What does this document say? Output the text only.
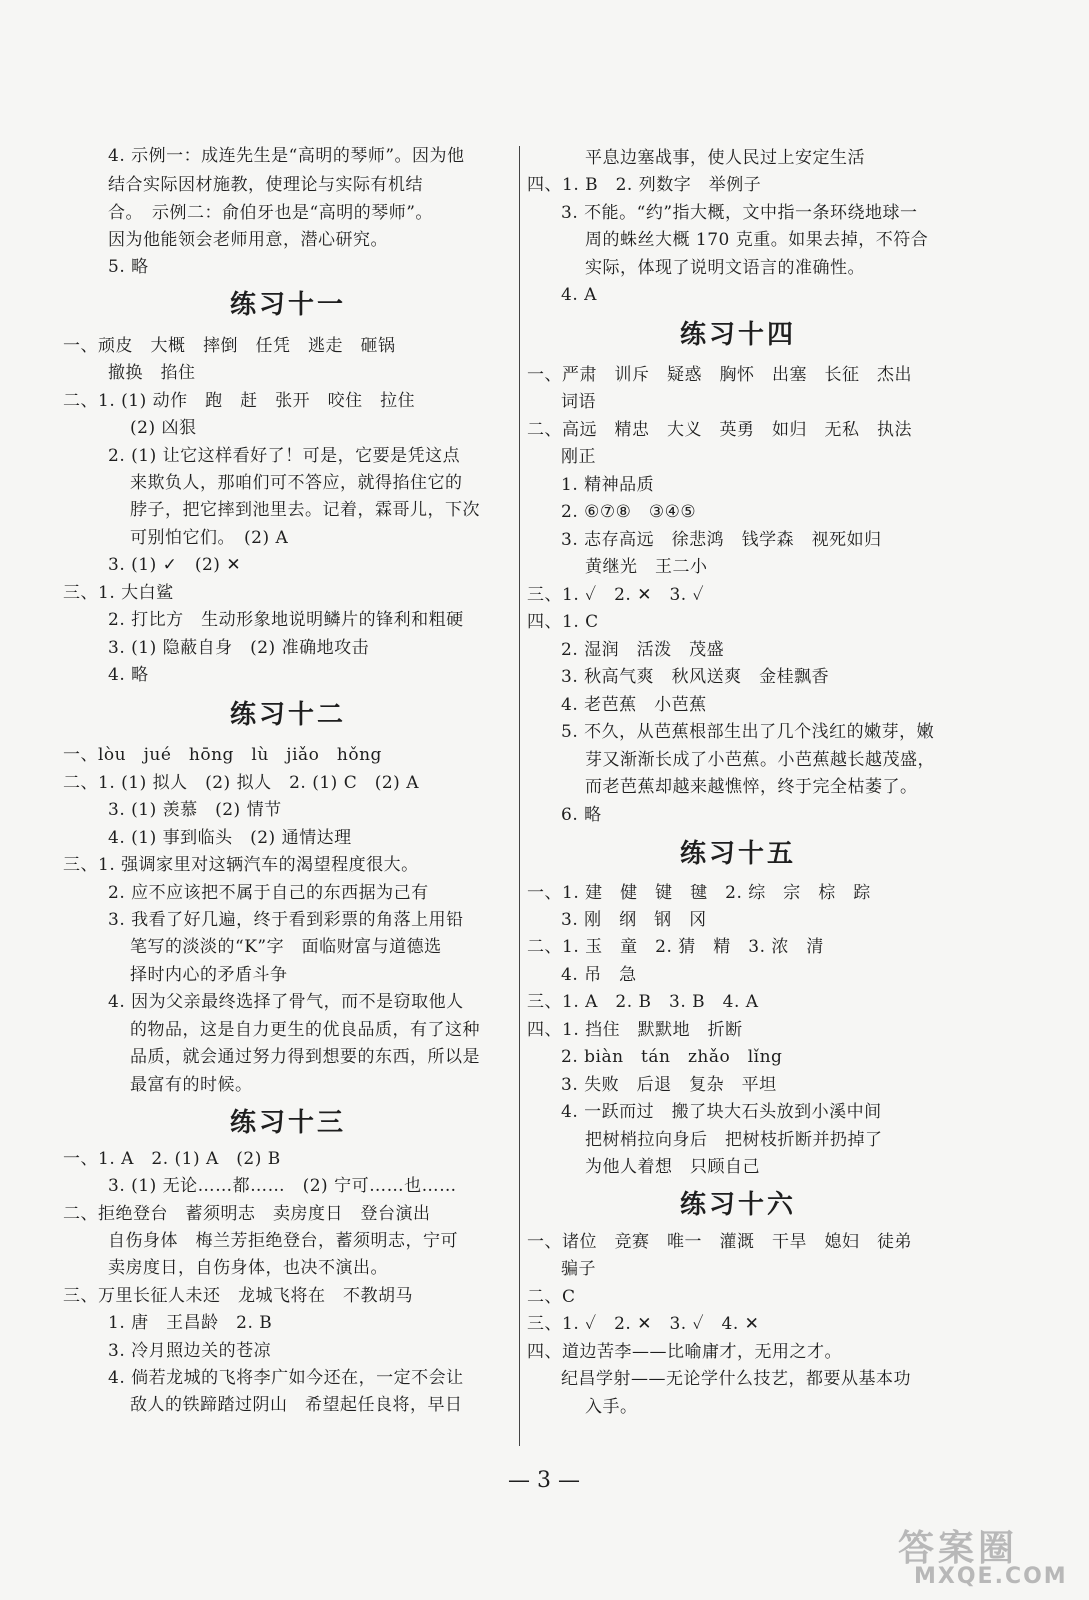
4. 示例一：成连先生是“高明的琴师”。因为他
结合实际因材施教，使理论与实际有机结
合。　示例二：俞伯牙也是“高明的琴师”。
因为他能领会老师用意，潜心研究。
5. 略
练习十一
一、顽皮　大概　摔倒　任凭　逃走　砸锅
撤换　掐住
二、1. (1) 动作　跑　赶　张开　咬住　拉住
(2) 凶狠
2. (1) 让它这样看好了！可是，它要是凭这点
来欺负人，那咱们可不答应，就得掐住它的
脖子，把它摔到池里去。记着，霖哥儿，下次
可别怕它们。　(2) A
3. (1) ✓　(2) ✕
三、1. 大白鲨
2. 打比方　生动形象地说明鳞片的锋利和粗硬
3. (1) 隐蔽自身　(2) 准确地攻击
4. 略
练习十二
一、lòu　jué　hōng　lù　jiǎo　hǒng
二、1. (1) 拟人　(2) 拟人　2. (1) C　(2) A
3. (1) 羡慕　(2) 情节
4. (1) 事到临头　(2) 通情达理
三、1. 强调家里对这辆汽车的渴望程度很大。
2. 应不应该把不属于自己的东西据为己有
3. 我看了好几遍，终于看到彩票的角落上用铅
笔写的淡淡的“K”字　面临财富与道德选
择时内心的矛盾斗争
4. 因为父亲最终选择了骨气，而不是窃取他人
的物品，这是自力更生的优良品质，有了这种
品质，就会通过努力得到想要的东西，所以是
最富有的时候。
练习十三
一、1. A　2. (1) A　(2) B
3. (1) 无论……都……　(2) 宁可……也……
二、拒绝登台　蓄须明志　卖房度日　登台演出
自伤身体　梅兰芳拒绝登台，蓄须明志，宁可
卖房度日，自伤身体，也决不演出。
三、万里长征人未还　龙城飞将在　不教胡马
1. 唐　王昌龄　2. B
3. 冷月照边关的苍凉
4. 倘若龙城的飞将李广如今还在，一定不会让
敌人的铁蹄踏过阴山　希望起任良将，早日
平息边塞战事，使人民过上安定生活
四、1. B　2. 列数字　举例子
3. 不能。“约”指大概，文中指一条环绕地球一
周的蛛丝大概 170 克重。如果去掉，不符合
实际，体现了说明文语言的准确性。
4. A
练习十四
一、严肃　训斥　疑惑　胸怀　出塞　长征　杰出
词语
二、高远　精忠　大义　英勇　如归　无私　执法
刚正
1. 精神品质
2. ⑥⑦⑧　③④⑤
3. 志存高远　徐悲鸿　钱学森　视死如归
黄继光　王二小
三、1. ✓　2. ✕　3. ✓
四、1. C
2. 湿润　活泼　茂盛
3. 秋高气爽　秋风送爽　金桂飘香
4. 老芭蕉　小芭蕉
5. 不久，从芭蕉根部生出了几个浅红的嫩芽，嫩
芽又渐渐长成了小芭蕉。小芭蕉越长越茂盛，
而老芭蕉却越来越憔悴，终于完全枯萎了。
6. 略
练习十五
一、1. 建　健　键　毽　2. 综　宗　棕　踪
3. 刚　纲　钢　冈
二、1. 玉　童　2. 猜　精　3. 浓　清
4. 吊　急
三、1. A　2. B　3. B　4. A
四、1. 挡住　默默地　折断
2. biàn　tán　zhǎo　lǐng
3. 失败　后退　复杂　平坦
4. 一跃而过　搬了块大石头放到小溪中间
把树梢拉向身后　把树枝折断并扔掉了
为他人着想　只顾自己
练习十六
一、诸位　竞赛　唯一　灌溉　干旱　媳妇　徒弟
骗子
二、C
三、1. ✓　2. ✕　3. ✓　4. ✕
四、道边苦李——比喻庸才，无用之才。
纪昌学射——无论学什么技艺，都要从基本功
入手。
— 3 —
答案圈
MXQE.COM
